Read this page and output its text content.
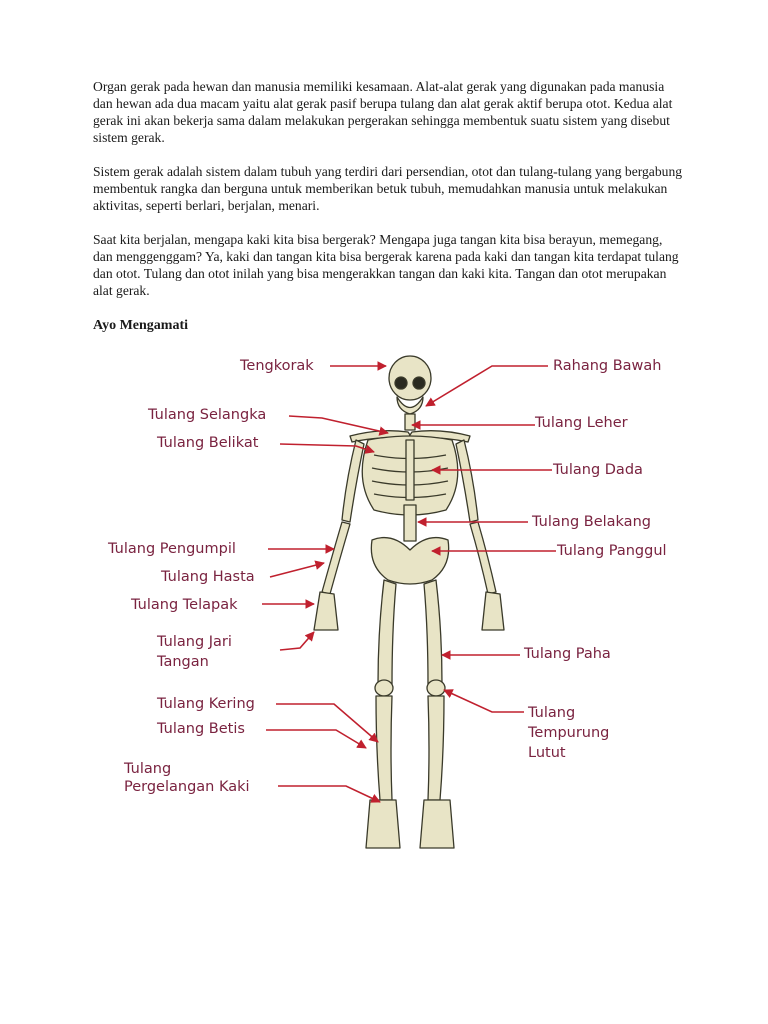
Organ gerak pada hewan dan manusia memiliki kesamaan. Alat-alat gerak yang digunakan pada manusia dan hewan ada dua macam yaitu alat gerak pasif berupa tulang dan alat gerak aktif berupa otot. Kedua alat gerak ini akan bekerja sama dalam melakukan pergerakan sehingga membentuk suatu sistem yang disebut sistem gerak.

Sistem gerak adalah sistem dalam tubuh yang terdiri dari persendian, otot dan tulang-tulang yang bergabung membentuk rangka dan berguna untuk memberikan betuk tubuh, memudahkan manusia untuk melakukan aktivitas, seperti berlari, berjalan, menari.

Saat kita berjalan, mengapa kaki kita bisa bergerak? Mengapa juga tangan kita bisa berayun, memegang, dan menggenggam? Ya, kaki dan tangan kita bisa bergerak karena pada kaki dan tangan kita terdapat tulang dan otot. Tulang dan otot inilah yang bisa mengerakkan tangan dan kaki kita. Tangan dan otot merupakan alat gerak.

Ayo Mengamati

Tengkorak	Rahang Bawah
Tulang Selangka	Tulang Leher
Tulang Belikat
Tulang Dada
Tulang Belakang
Tulang Pengumpil	Tulang Panggul
Tulang Hasta
Tulang Telapak
Tulang Jari
Tangan	Tulang Paha
Tulang Kering
Tulang Betis
Tulang
Tempurung
Lutut
Tulang
Pergelangan Kaki
